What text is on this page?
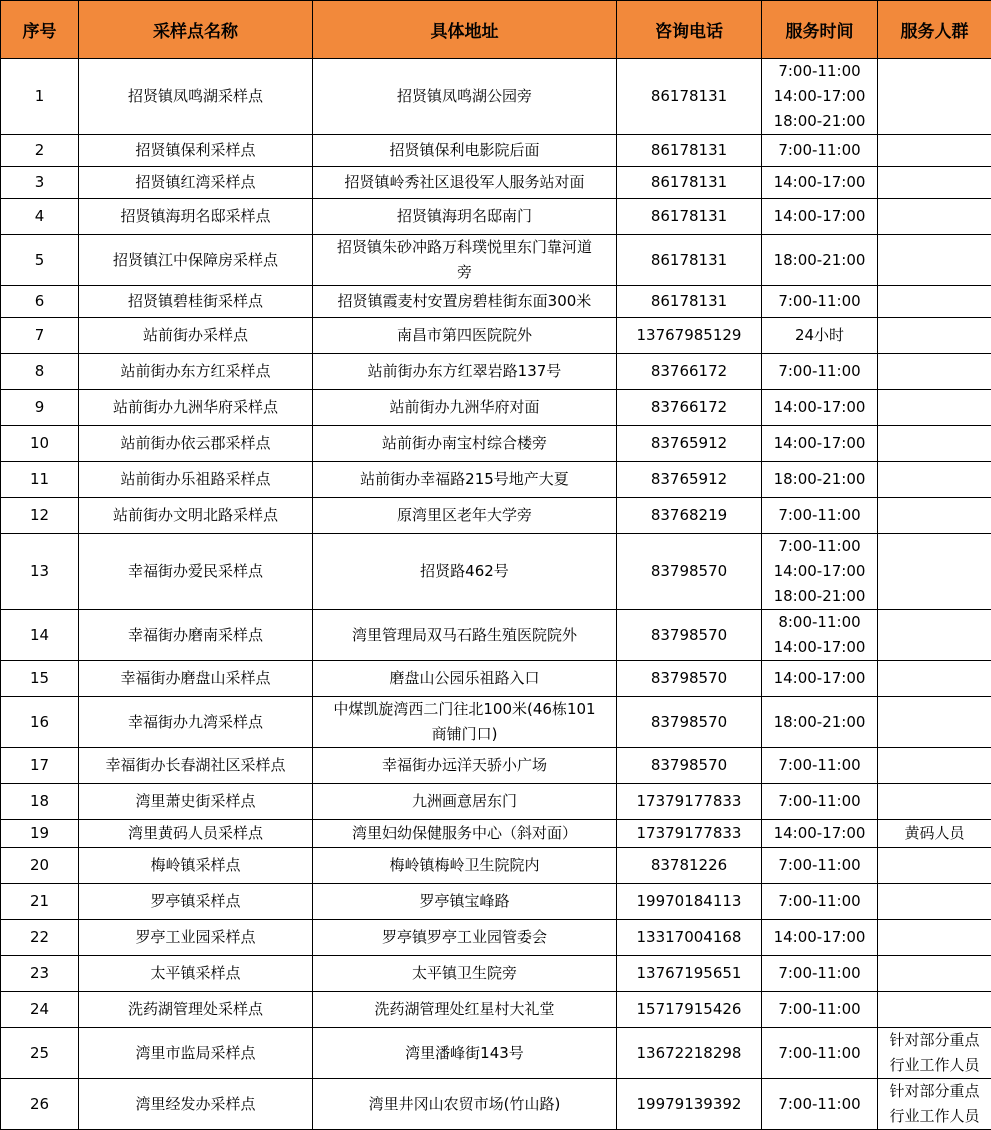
序号	采样点名称	具体地址	咨询电话	服务时间	服务人群
1	招贤镇凤鸣湖采样点	招贤镇凤鸣湖公园旁	86178131	7:00-11:00
14:00-17:00
18:00-21:00	

2	招贤镇保利采样点	招贤镇保利电影院后面	86178131	7:00-11:00	

3	招贤镇红湾采样点	招贤镇岭秀社区退役军人服务站对面	86178131	14:00-17:00	

4	招贤镇海玥名邸采样点	招贤镇海玥名邸南门	86178131	14:00-17:00	

5	招贤镇江中保障房采样点	招贤镇朱砂冲路万科璞悦里东门靠河道
旁	86178131	18:00-21:00	

6	招贤镇碧桂街采样点	招贤镇霞麦村安置房碧桂街东面300米	86178131	7:00-11:00	

7	站前街办采样点	南昌市第四医院院外	13767985129	24小时	

8	站前街办东方红采样点	站前街办东方红翠岩路137号	83766172	7:00-11:00	

9	站前街办九洲华府采样点	站前街办九洲华府对面	83766172	14:00-17:00	

10	站前街办依云郡采样点	站前街办南宝村综合楼旁	83765912	14:00-17:00	

11	站前街办乐祖路采样点	站前街办幸福路215号地产大夏	83765912	18:00-21:00	

12	站前街办文明北路采样点	原湾里区老年大学旁	83768219	7:00-11:00	

13	幸福街办爱民采样点	招贤路462号	83798570	7:00-11:00
14:00-17:00
18:00-21:00	

14	幸福街办磨南采样点	湾里管理局双马石路生殖医院院外	83798570	8:00-11:00
14:00-17:00	

15	幸福街办磨盘山采样点	磨盘山公园乐祖路入口	83798570	14:00-17:00	

16	幸福街办九湾采样点	中煤凯旋湾西二门往北100米(46栋101
商铺门口)	83798570	18:00-21:00	

17	幸福街办长春湖社区采样点	幸福街办远洋天骄小广场	83798570	7:00-11:00	

18	湾里萧史街采样点	九洲画意居东门	17379177833	7:00-11:00	

19	湾里黄码人员采样点	湾里妇幼保健服务中心（斜对面）	17379177833	14:00-17:00	黄码人员

20	梅岭镇采样点	梅岭镇梅岭卫生院院内	83781226	7:00-11:00	

21	罗亭镇采样点	罗亭镇宝峰路	19970184113	7:00-11:00	

22	罗亭工业园采样点	罗亭镇罗亭工业园管委会	13317004168	14:00-17:00	

23	太平镇采样点	太平镇卫生院旁	13767195651	7:00-11:00	

24	洗药湖管理处采样点	洗药湖管理处红星村大礼堂	15717915426	7:00-11:00	

25	湾里市监局采样点	湾里潘峰街143号	13672218298	7:00-11:00	针对部分重点
行业工作人员

26	湾里经发办采样点	湾里井冈山农贸市场(竹山路)	19979139392	7:00-11:00	针对部分重点
行业工作人员
